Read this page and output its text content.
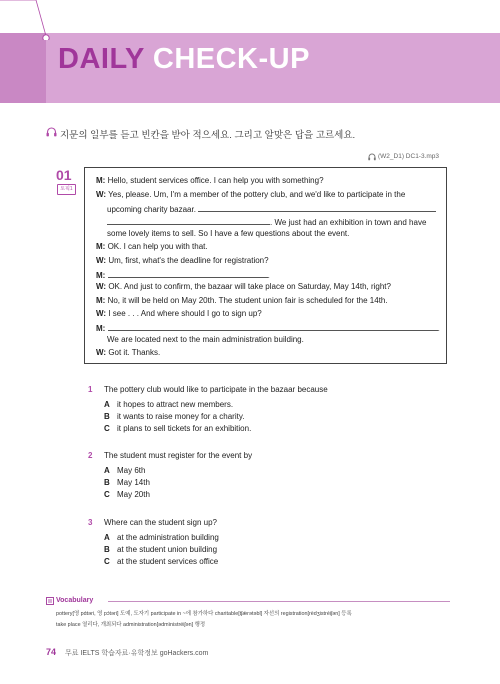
DAILY CHECK-UP
지문의 일부를 듣고 빈칸을 받아 적으세요. 그리고 알맞은 답을 고르세요.
(W2_D1) DC1-3.mp3
01
토픽1
M: Hello, student services office. I can help you with something?
W: Yes, please. Um, I'm a member of the pottery club, and we'd like to participate in the
upcoming charity bazaar.
. We just had an exhibition in town and have
some lovely items to sell. So I have a few questions about the event.
M: OK. I can help you with that.
W: Um, first, what's the deadline for registration?
M:	.
W: OK. And just to confirm, the bazaar will take place on Saturday, May 14th, right?
M: No, it will be held on May 20th. The student union fair is scheduled for the 14th.
W: I see . . . And where should I go to sign up?
M:	.
We are located next to the main administration building.
W: Got it. Thanks.
1 The pottery club would like to participate in the bazaar because
A it hopes to attract new members.
B it wants to raise money for a charity.
C it plans to sell tickets for an exhibition.
2 The student must register for the event by
A May 6th
B May 14th
C May 20th
3 Where can the student sign up?
A at the administration building
B at the student union building
C at the student services office
Vocabulary
pottery[영 pɑ́təri, 영 pɔ́təri] 도예, 도자기 participate in ~에 참가하다 charitable[tʃǽrətəbl] 자선의 registration[rèdʒistréiʃən] 등록
take place 열리다, 개최되다 administration[ədmìnistréiʃən] 행정
74 무료 IELTS 학습자료·유학정보 goHackers.com
